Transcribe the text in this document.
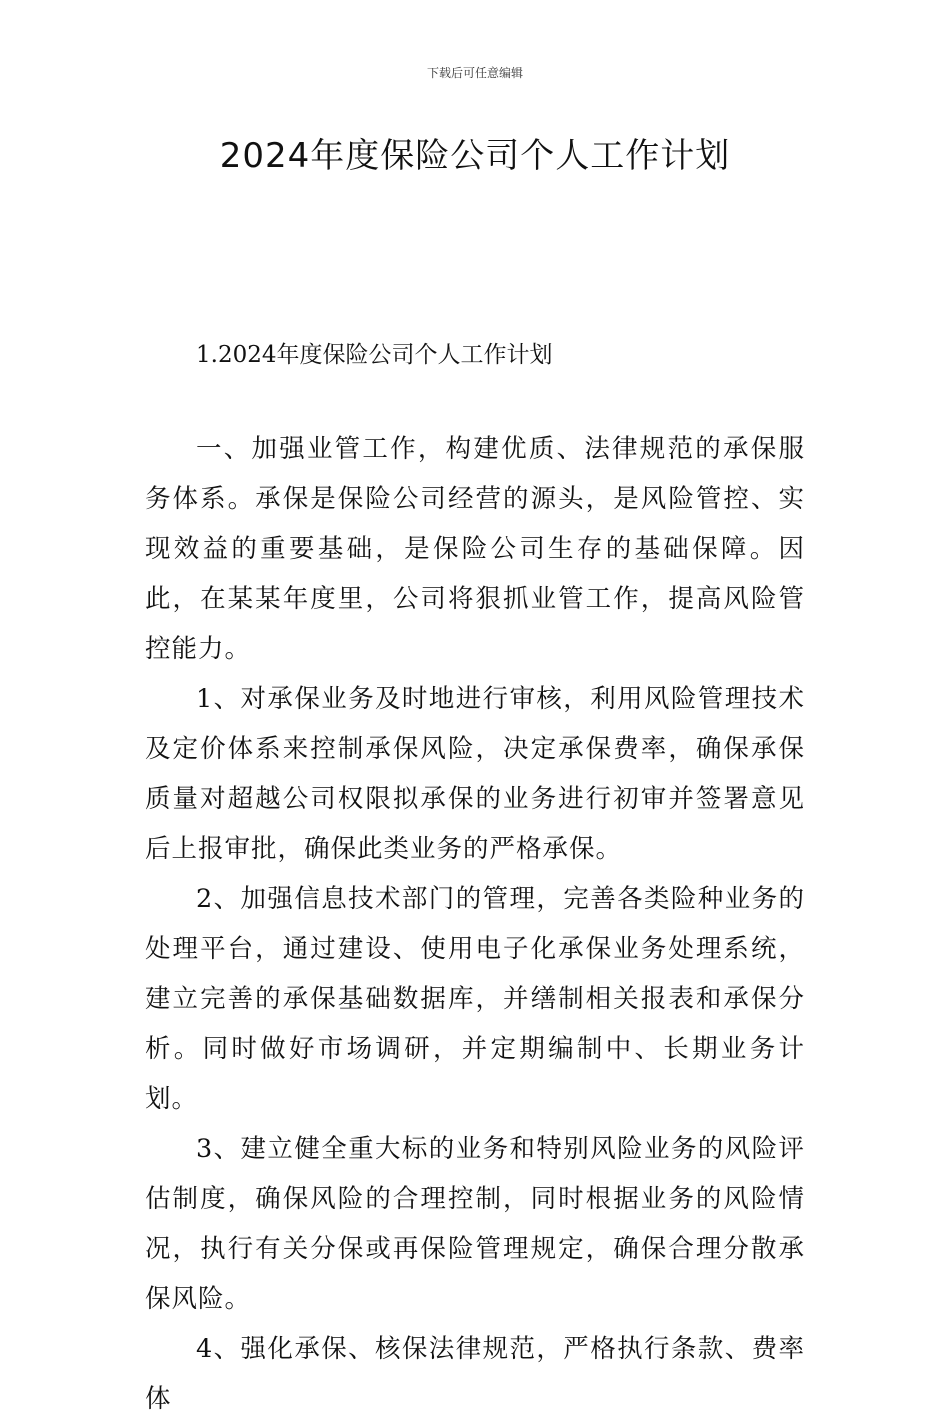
下载后可任意编辑
2024年度保险公司个人工作计划
1.2024年度保险公司个人工作计划

一、加强业管工作，构建优质、法律规范的承保服务体系。承保是保险公司经营的源头，是风险管控、实现效益的重要基础，是保险公司生存的基础保障。因此，在某某年度里，公司将狠抓业管工作，提高风险管控能力。

1、对承保业务及时地进行审核，利用风险管理技术及定价体系来控制承保风险，决定承保费率，确保承保质量对超越公司权限拟承保的业务进行初审并签署意见后上报审批，确保此类业务的严格承保。

2、加强信息技术部门的管理，完善各类险种业务的处理平台，通过建设、使用电子化承保业务处理系统，建立完善的承保基础数据库，并缮制相关报表和承保分析。同时做好市场调研，并定期编制中、长期业务计划。

3、建立健全重大标的业务和特别风险业务的风险评估制度，确保风险的合理控制，同时根据业务的风险情况，执行有关分保或再保险管理规定，确保合理分散承保风险。

4、强化承保、核保法律规范，严格执行条款、费率体
